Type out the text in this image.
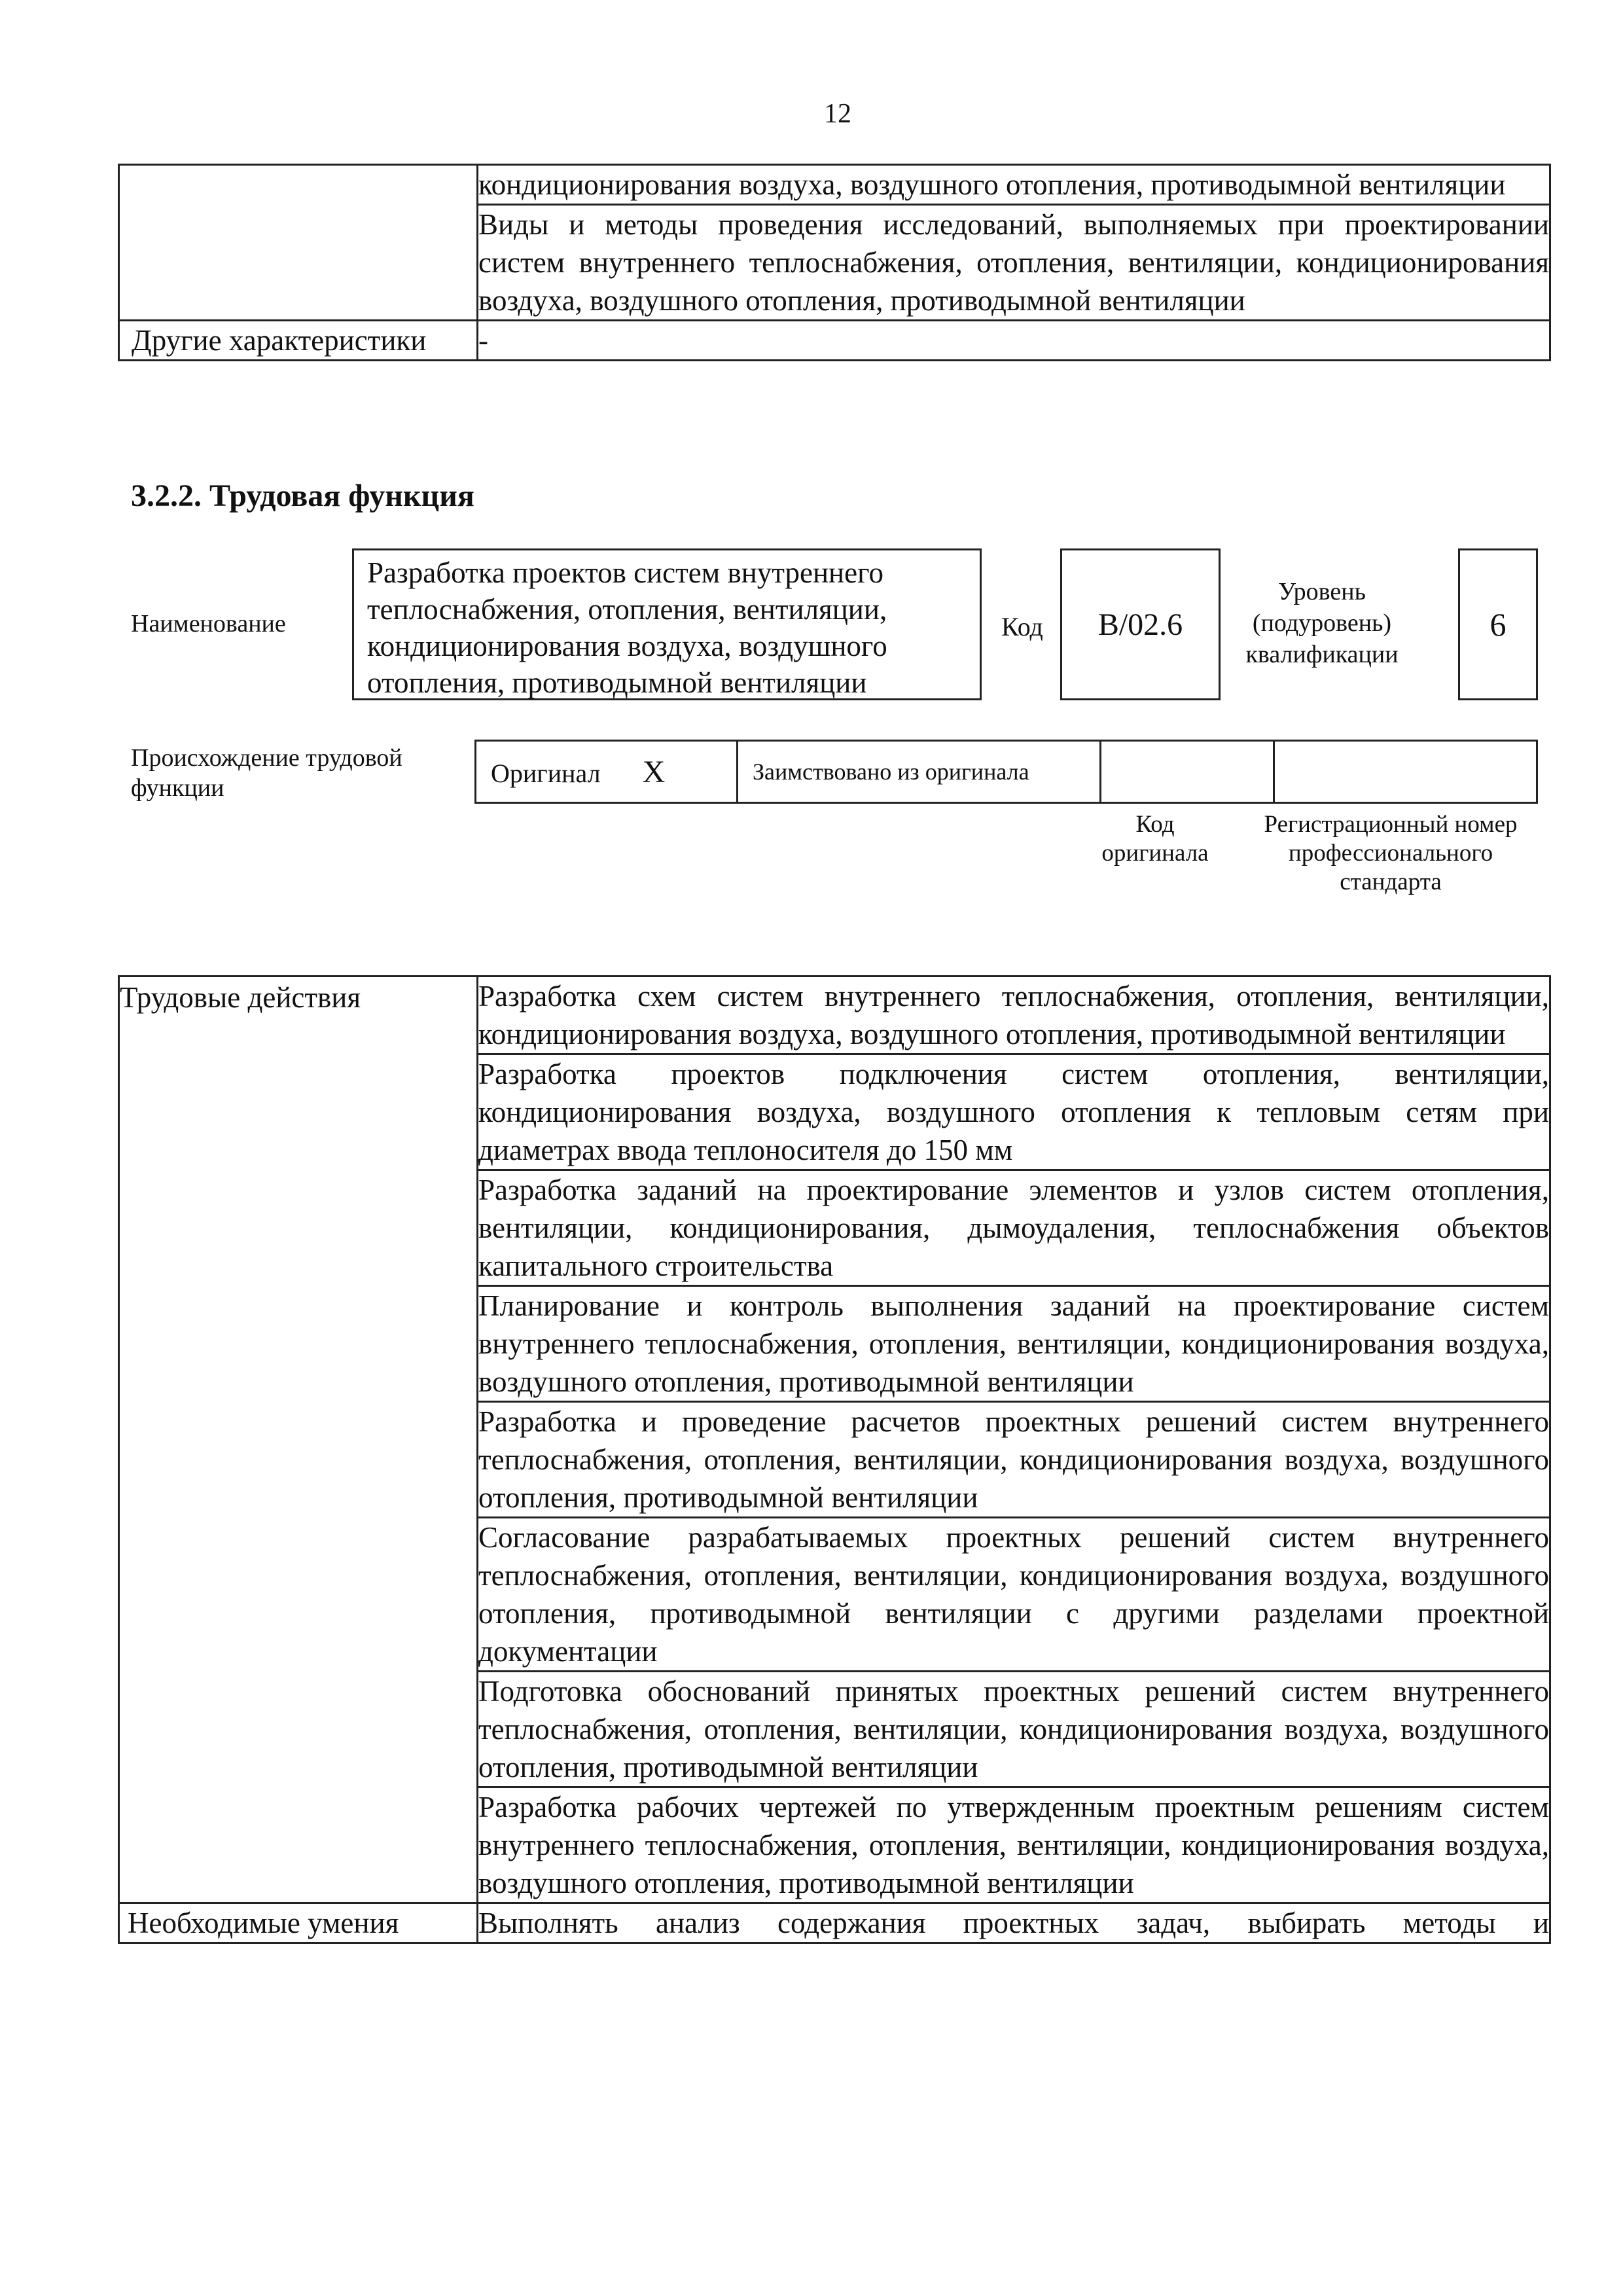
12

	кондиционирования воздуха, воздушного отопления, противодымной вентиляции

	Виды и методы проведения исследований, выполняемых при проектировании систем внутреннего теплоснабжения, отопления, вентиляции, кондиционирования воздуха, воздушного отопления, противодымной вентиляции

Другие характеристики	-
3.2.2. Трудовая функция
Наименование
Разработка проектов систем внутреннего теплоснабжения, отопления, вентиляции, кондиционирования воздуха, воздушного отопления, противодымной вентиляции
Код B/02.6
Уровень (подуровень) квалификации
6
Происхождение трудовой функции
Оригинал X	Заимствовано из оригинала

Код оригинала
Регистрационный номер профессионального стандарта
Трудовые действия	Разработка схем систем внутреннего теплоснабжения, отопления, вентиляции, кондиционирования воздуха, воздушного отопления, противодымной вентиляции

	Разработка проектов подключения систем отопления, вентиляции, кондиционирования воздуха, воздушного отопления к тепловым сетям при диаметрах ввода теплоносителя до 150 мм

	Разработка заданий на проектирование элементов и узлов систем отопления, вентиляции, кондиционирования, дымоудаления, теплоснабжения объектов капитального строительства

	Планирование и контроль выполнения заданий на проектирование систем внутреннего теплоснабжения, отопления, вентиляции, кондиционирования воздуха, воздушного отопления, противодымной вентиляции

	Разработка и проведение расчетов проектных решений систем внутреннего теплоснабжения, отопления, вентиляции, кондиционирования воздуха, воздушного отопления, противодымной вентиляции

	Согласование разрабатываемых проектных решений систем внутреннего теплоснабжения, отопления, вентиляции, кондиционирования воздуха, воздушного отопления, противодымной вентиляции с другими разделами проектной документации

	Подготовка обоснований принятых проектных решений систем внутреннего теплоснабжения, отопления, вентиляции, кондиционирования воздуха, воздушного отопления, противодымной вентиляции

	Разработка рабочих чертежей по утвержденным проектным решениям систем внутреннего теплоснабжения, отопления, вентиляции, кондиционирования воздуха, воздушного отопления, противодымной вентиляции

Необходимые умения	Выполнять анализ содержания проектных задач, выбирать методы и
